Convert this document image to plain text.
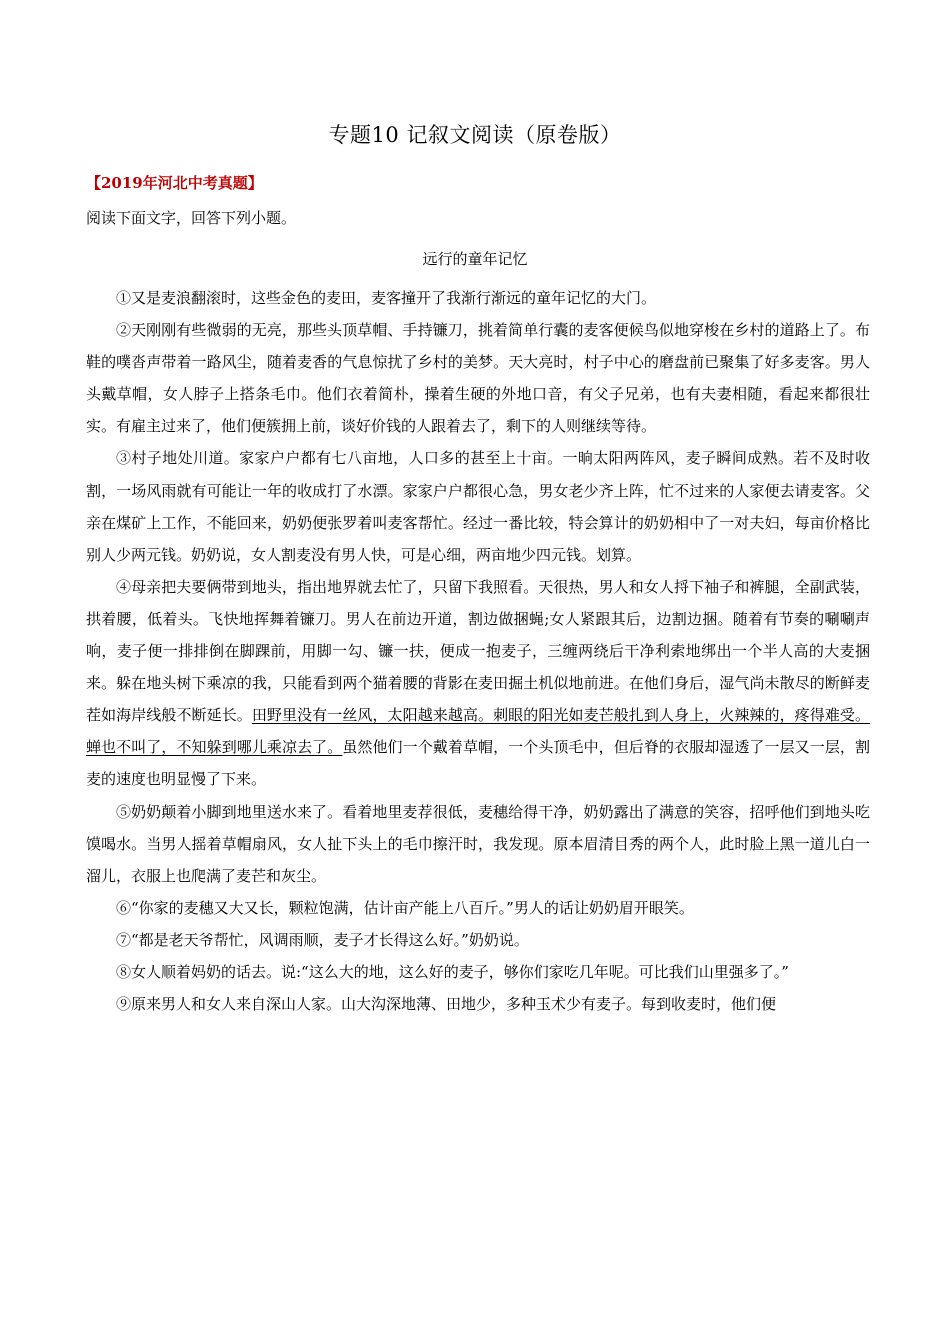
专题10 记叙文阅读（原卷版）
【2019年河北中考真题】
阅读下面文字，回答下列小题。
远行的童年记忆

①又是麦浪翻滚时，这些金色的麦田，麦客撞开了我渐行渐远的童年记忆的大门。

②天刚刚有些微弱的无亮，那些头顶草帽、手持镰刀，挑着简单行囊的麦客便候鸟似地穿梭在乡村的道路上了。布鞋的噗沓声带着一路风尘，随着麦香的气息惊扰了乡村的美梦。天大亮时，村子中心的磨盘前已聚集了好多麦客。男人头戴草帽，女人脖子上搭条毛巾。他们衣着简朴，操着生硬的外地口音，有父子兄弟，也有夫妻相随，看起来都很壮实。有雇主过来了，他们便簇拥上前，谈好价钱的人跟着去了，剩下的人则继续等待。

③村子地处川道。家家户户都有七八亩地，人口多的甚至上十亩。一晌太阳两阵风，麦子瞬间成熟。若不及时收割，一场风雨就有可能让一年的收成打了水漂。家家户户都很心急，男女老少齐上阵，忙不过来的人家便去请麦客。父亲在煤矿上工作，不能回来，奶奶便张罗着叫麦客帮忙。经过一番比较，特会算计的奶奶相中了一对夫妇，每亩价格比别人少两元钱。奶奶说，女人割麦没有男人快，可是心细，两亩地少四元钱。划算。

④母亲把夫要俩带到地头，指出地界就去忙了，只留下我照看。天很热，男人和女人捋下袖子和裤腿，全副武装，拱着腰，低着头。飞快地挥舞着镰刀。男人在前边开道，割边做捆蝇;女人紧跟其后，边割边捆。随着有节奏的唰唰声响，麦子便一排排倒在脚踝前，用脚一勾、镰一扶，便成一抱麦子，三缠两绕后干净利索地绑出一个半人高的大麦捆来。躲在地头树下乘凉的我，只能看到两个猫着腰的背影在麦田掘土机似地前进。在他们身后，湿气尚未散尽的断鲜麦茬如海岸线般不断延长。田野里没有一丝风，太阳越来越高。刺眼的阳光如麦芒般扎到人身上，火辣辣的，疼得难受。蝉也不叫了，不知躲到哪儿乘凉去了。虽然他们一个戴着草帽，一个头顶毛中，但后脊的衣服却湿透了一层又一层，割麦的速度也明显慢了下来。

⑤奶奶颠着小脚到地里送水来了。看着地里麦荐很低，麦穗给得干净，奶奶露出了满意的笑容，招呼他们到地头吃馍喝水。当男人摇着草帽扇风，女人扯下头上的毛巾擦汗时，我发现。原本眉清目秀的两个人，此时脸上黑一道儿白一溜儿，衣服上也爬满了麦芒和灰尘。

⑥“你家的麦穗又大又长，颗粒饱满，估计亩产能上八百斤。”男人的话让奶奶眉开眼笑。

⑦“都是老天爷帮忙，风调雨顺，麦子才长得这么好。”奶奶说。

⑧女人顺着妈奶的话去。说:“这么大的地，这么好的麦子，够你们家吃几年呢。可比我们山里强多了。”

⑨原来男人和女人来自深山人家。山大沟深地薄、田地少，多种玉术少有麦子。每到收麦时，他们便
